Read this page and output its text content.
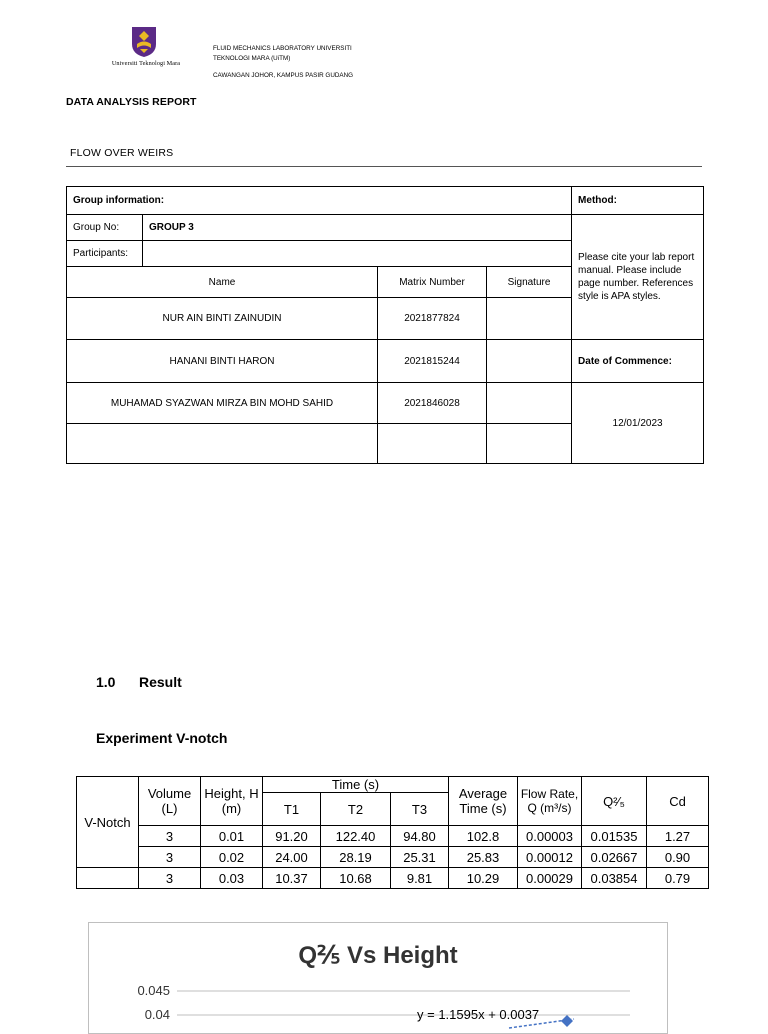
Universiti Teknologi Mara
FLUID MECHANICS LABORATORY UNIVERSITI
TEKNOLOGI MARA (UiTM)
CAWANGAN JOHOR, KAMPUS PASIR GUDANG
DATA ANALYSIS REPORT
FLOW OVER WEIRS
Group information:				Method:
Group No:	GROUP 3			Please cite your lab report manual. Please include page number. References style is APA styles.
Participants:				
Name		Matrix Number	Signature	
NUR AIN BINTI ZAINUDIN		2021877824		
HANANI BINTI HARON		2021815244		Date of Commence:
MUHAMAD SYAZWAN MIRZA BIN MOHD SAHID		2021846028		12/01/2023

1.0 Result
Experiment V-notch
V-Notch	Volume (L)	Height, H (m)	Time (s)			Average Time (s)	Flow Rate, Q (m³/s)	Q²⁄₅	Cd
			T1	T2	T3				
	3	0.01	91.20	122.40	94.80	102.8	0.00003	0.01535	1.27
	3	0.02	24.00	28.19	25.31	25.83	0.00012	0.02667	0.90
	3	0.03	10.37	10.68	9.81	10.29	0.00029	0.03854	0.79
Q⅖ Vs Height
0.045
0.04	y = 1.1595x + 0.0037
